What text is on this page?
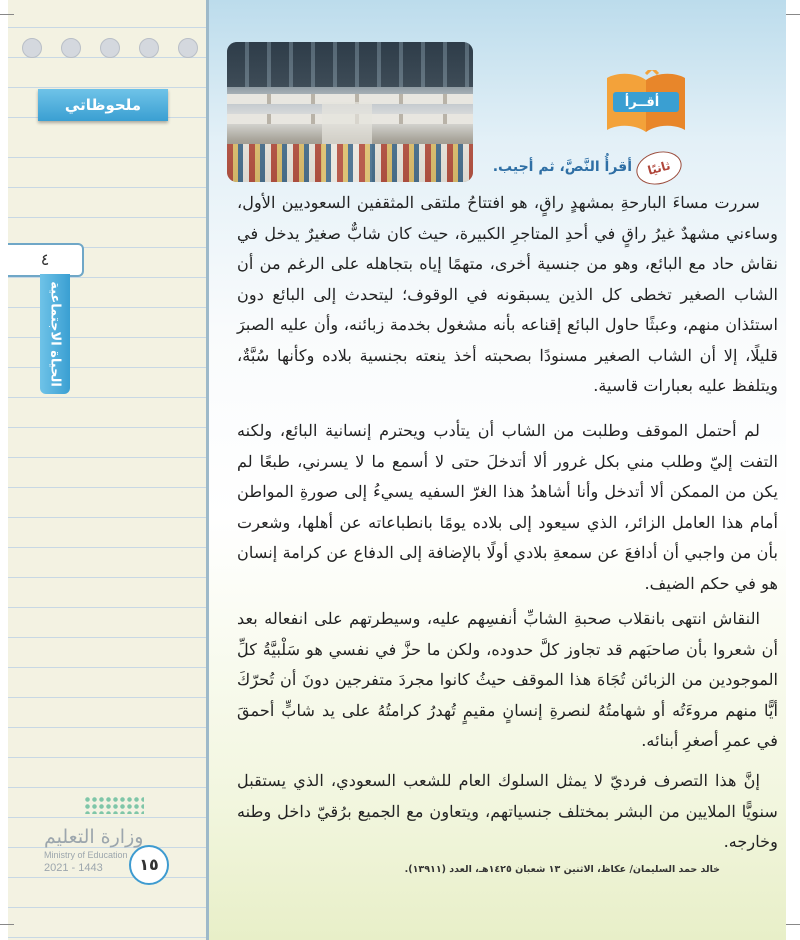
ملحوظاتي
٤
الحياة الاجتماعية
وزارة التعليم
Ministry of Education
2021 - 1443	١٥
أقــرأ
ثانيًا
أقرأُ النَّصَّ، ثم أجيب.

سررت مساءَ البارحةِ بمشهدٍ راقٍ، هو افتتاحُ ملتقى المثقفين السعوديين الأول، وساءني مشهدٌ غيرُ راقٍ في أحدِ المتاجرِ الكبيرة، حيث كان شابٌّ صغيرٌ يدخل في نقاش حاد مع البائع، وهو من جنسية أخرى، متهمًا إياه بتجاهله على الرغم من أن الشاب الصغير تخطى كل الذين يسبقونه في الوقوف؛ ليتحدث إلى البائع دون استئذان منهم، وعبثًا حاول البائع إقناعه بأنه مشغول بخدمة زبائنه، وأن عليه الصبرَ قليلًا، إلا أن الشاب الصغير مسنودًا بصحبته أخذ ينعته بجنسية بلاده وكأنها سُبَّةٌ، ويتلفظ عليه بعبارات قاسية.

لم أحتمل الموقف وطلبت من الشاب أن يتأدب ويحترم إنسانية البائع، ولكنه التفت إليّ وطلب مني بكل غرور ألا أتدخلَ حتى لا أسمع ما لا يسرني، طبعًا لم يكن من الممكن ألا أتدخل وأنا أشاهدُ هذا الغرّ السفيه يسيءُ إلى صورةِ المواطن أمام هذا العامل الزائر، الذي سيعود إلى بلاده يومًا بانطباعاته عن أهلها، وشعرت بأن من واجبي أن أدافعَ عن سمعةِ بلادي أولًا بالإضافة إلى الدفاع عن كرامة إنسان هو في حكم الضيف.

النقاش انتهى بانقلاب صحبةِ الشابِّ أنفسِهم عليه، وسيطرتهم على انفعاله بعد أن شعروا بأن صاحبَهم قد تجاوز كلَّ حدوده، ولكن ما حزَّ في نفسي هو سَلْبيَّةُ كلِّ الموجودين من الزبائن تُجَاهَ هذا الموقف حيثُ كانوا مجردَ متفرجين دونَ أن تُحرّكَ أيًّا منهم مروءَتُه أو شهامتُهُ لنصرةِ إنسانٍ مقيمٍ تُهدرُ كرامتُهُ على يد شابٍّ أحمقَ في عمرِ أصغرِ أبنائه.

إنَّ هذا التصرف فرديّ لا يمثل السلوك العام للشعب السعودي، الذي يستقبل سنويًّا الملايين من البشر بمختلف جنسياتهم، ويتعاون مع الجميع برُقيّ داخل وطنه وخارجه.

خالد حمد السليمان/ عكاظ، الاثنين ١٣ شعبان ١٤٢٥هـ، العدد (١٣٩١١).
